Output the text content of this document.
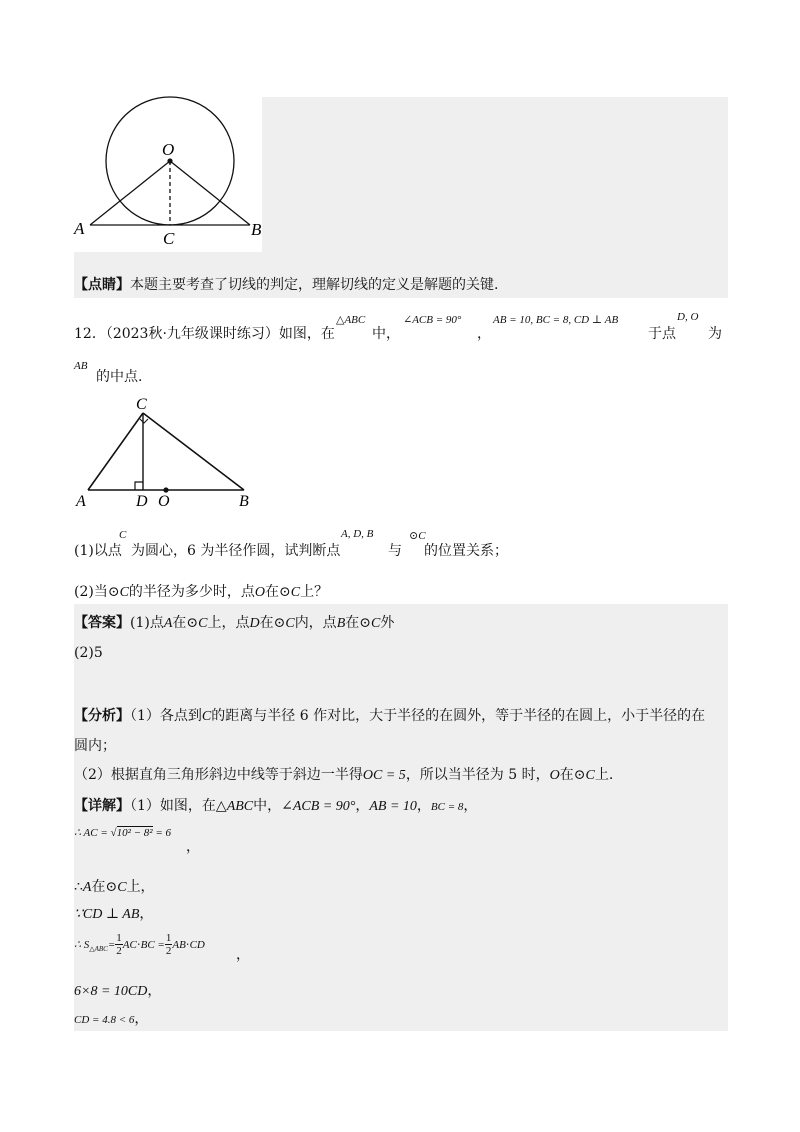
O
A	B
C
【点睛】本题主要考查了切线的判定，理解切线的定义是解题的关键.
12．（2023秋·九年级课时练习）如图，在
△ABC
中，
∠ACB = 90°
，
AB = 10, BC = 8, CD ⊥ AB
于点
D, O
为
AB
的中点.
C
A	D O	B
(1)以点
C
为圆心，6 为半径作圆，试判断点
A, D, B
与
⊙C
的位置关系；
(2)当⊙C的半径为多少时，点O在⊙C上？
【答案】(1)点A在⊙C上，点D在⊙C内，点B在⊙C外
(2)5
【分析】（1）各点到C的距离与半径 6 作对比，大于半径的在圆外，等于半径的在圆上，小于半径的在
圆内；
（2）根据直角三角形斜边中线等于斜边一半得OC = 5，所以当半径为 5 时，O在⊙C上.
【详解】（1）如图，在△ABC中，∠ACB = 90°，AB = 10，BC = 8，
∴ AC = √10² − 8² = 6
，
∴A在⊙C上，
∵CD ⊥ AB，
∴ S△ABC= $\frac{1}{2} AC\cdot BC = \frac{1}{2} AB\cdot CD$
，
6×8 = 10CD，
CD = 4.8 < 6，
